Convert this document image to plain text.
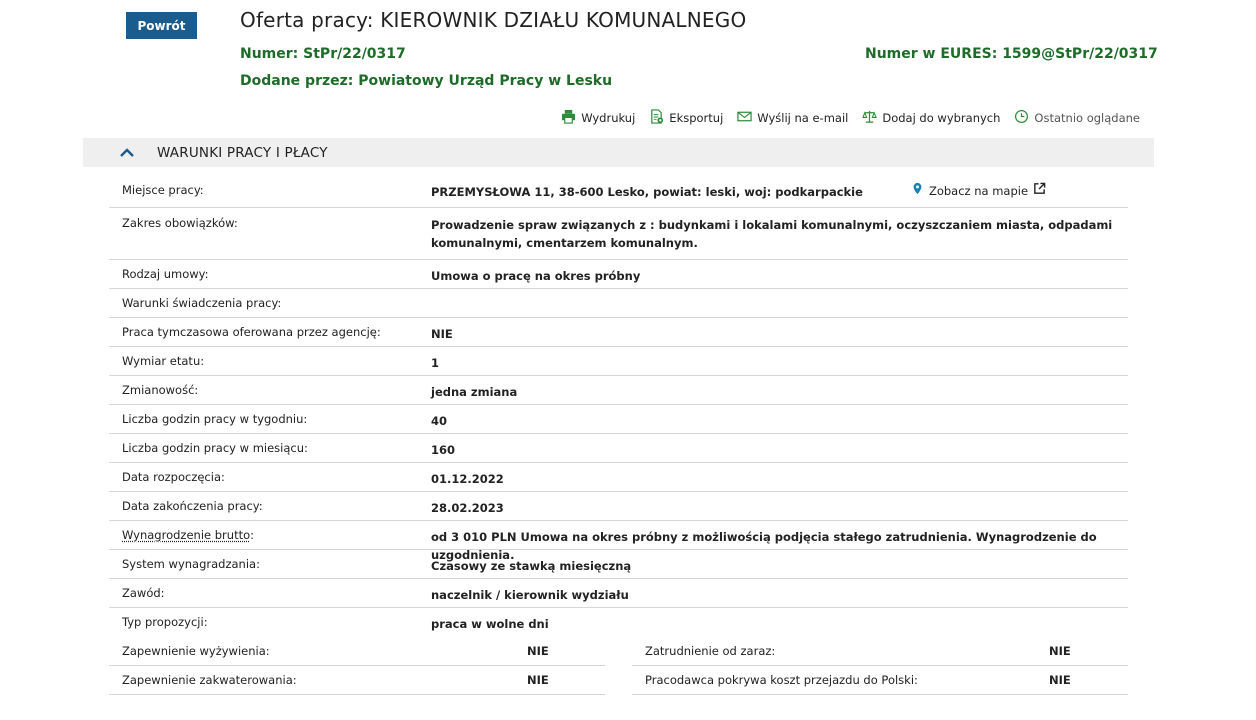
Powrót	Oferta pracy: KIEROWNIK DZIAŁU KOMUNALNEGO
Numer: StPr/22/0317	Numer w EURES: 1599@StPr/22/0317
Dodane przez: Powiatowy Urząd Pracy w Lesku
Wydrukuj	Eksportuj	Wyślij na e-mail	Dodaj do wybranych	Ostatnio oglądane
WARUNKI PRACY I PŁACY
Miejsce pracy:	PRZEMYSŁOWA 11, 38-600 Lesko, powiat: leski, woj: podkarpackie	Zobacz na mapie
Zakres obowiązków:	Prowadzenie spraw związanych z : budynkami i lokalami komunalnymi, oczyszczaniem miasta, odpadami komunalnymi, cmentarzem komunalnym.
Rodzaj umowy:	Umowa o pracę na okres próbny
Warunki świadczenia pracy:
Praca tymczasowa oferowana przez agencję:	NIE
Wymiar etatu:	1
Zmianowość:	jedna zmiana
Liczba godzin pracy w tygodniu:	40
Liczba godzin pracy w miesiącu:	160
Data rozpoczęcia:	01.12.2022
Data zakończenia pracy:	28.02.2023
Wynagrodzenie brutto:	od 3 010 PLN Umowa na okres próbny z możliwością podjęcia stałego zatrudnienia. Wynagrodzenie do uzgodnienia.
System wynagradzania:	Czasowy ze stawką miesięczną
Zawód:	naczelnik / kierownik wydziału
Typ propozycji:	praca w wolne dni
Zapewnienie wyżywienia:	NIE	Zatrudnienie od zaraz:	NIE
Zapewnienie zakwaterowania:	NIE	Pracodawca pokrywa koszt przejazdu do Polski:	NIE
